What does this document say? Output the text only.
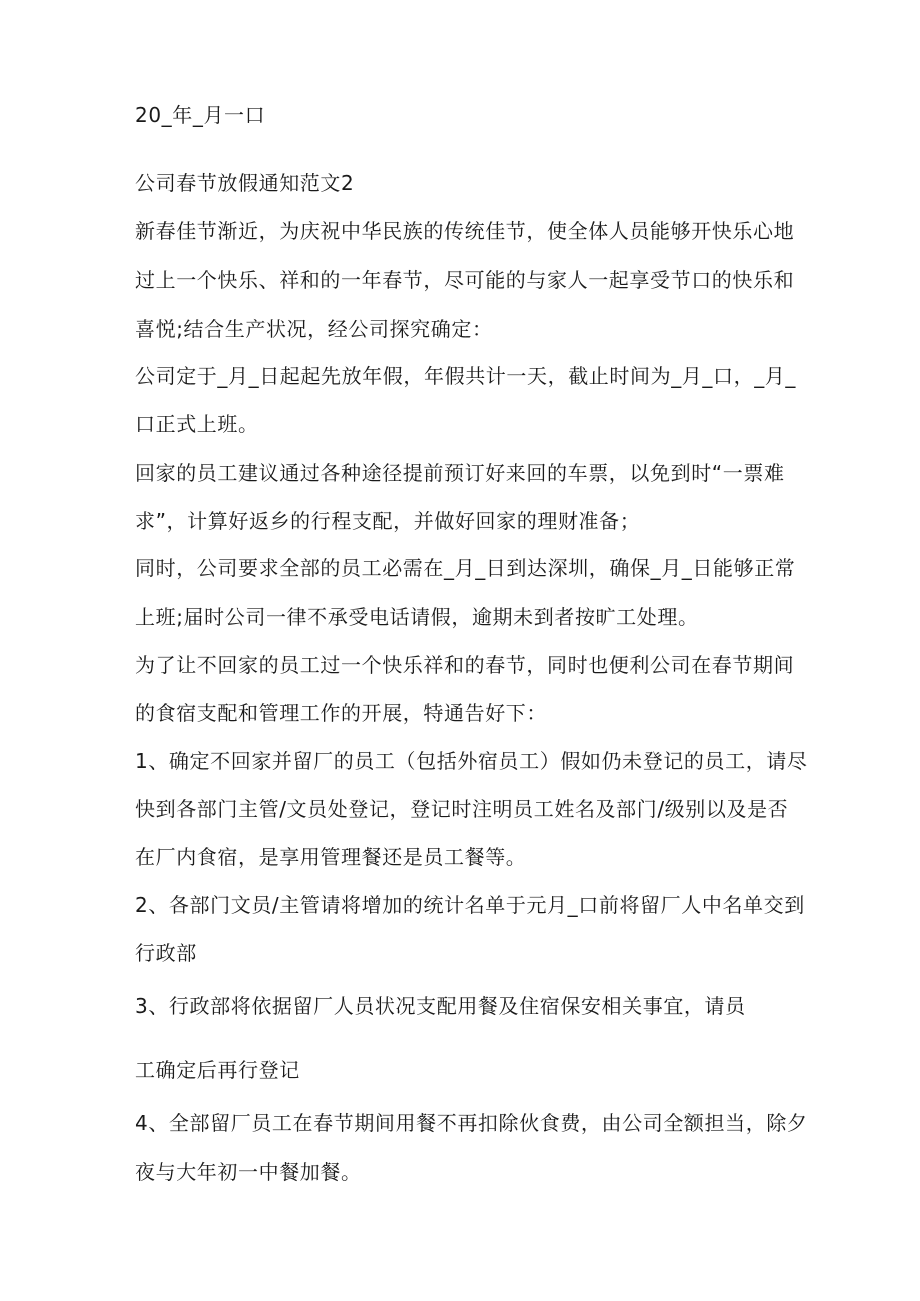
20_年_月一口
公司春节放假通知范文2
新春佳节渐近，为庆祝中华民族的传统佳节，使全体人员能够开快乐心地
过上一个快乐、祥和的一年春节，尽可能的与家人一起享受节口的快乐和
喜悦;结合生产状况，经公司探究确定：
公司定于_月_日起起先放年假，年假共计一天，截止时间为_月_口，_月_
口正式上班。
回家的员工建议通过各种途径提前预订好来回的车票，以免到时“一票难
求”，计算好返乡的行程支配，并做好回家的理财准备；
同时，公司要求全部的员工必需在_月_日到达深圳，确保_月_日能够正常
上班;届时公司一律不承受电话请假，逾期未到者按旷工处理。
为了让不回家的员工过一个快乐祥和的春节，同时也便利公司在春节期间
的食宿支配和管理工作的开展，特通告好下：
1、确定不回家并留厂的员工（包括外宿员工）假如仍未登记的员工，请尽
快到各部门主管/文员处登记，登记时注明员工姓名及部门/级别以及是否
在厂内食宿，是享用管理餐还是员工餐等。
2、各部门文员/主管请将增加的统计名单于元月_口前将留厂人中名单交到
行政部
3、行政部将依据留厂人员状况支配用餐及住宿保安相关事宜，请员
工确定后再行登记
4、全部留厂员工在春节期间用餐不再扣除伙食费，由公司全额担当，除夕
夜与大年初一中餐加餐。
